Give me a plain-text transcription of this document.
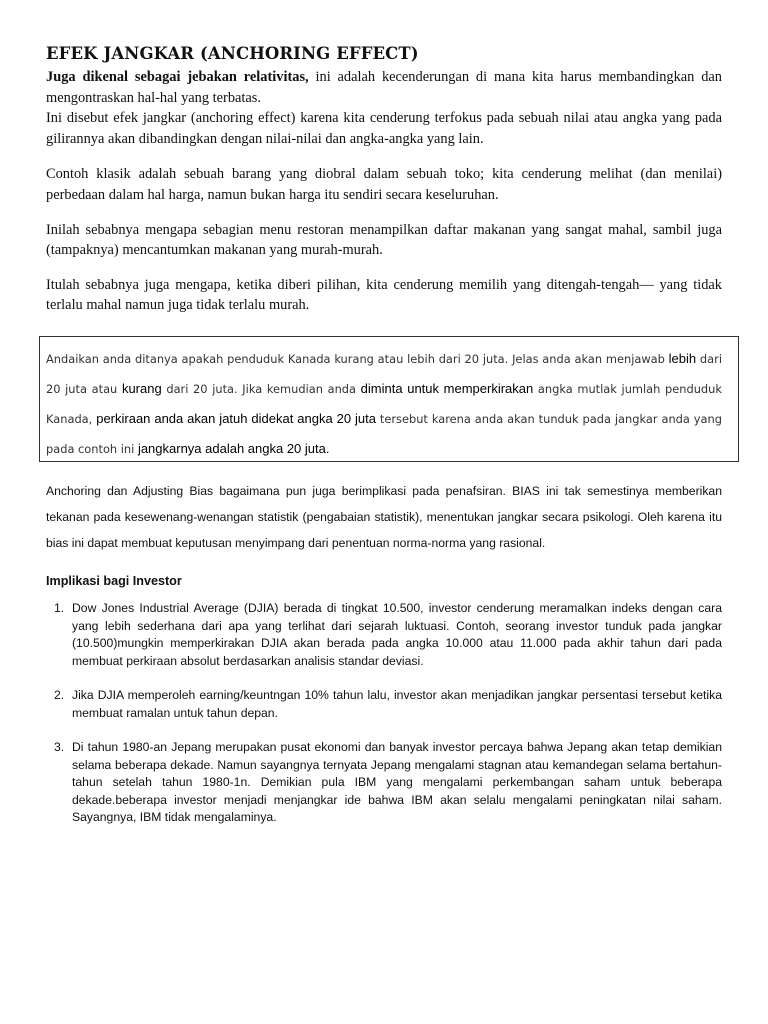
EFEK JANGKAR (ANCHORING EFFECT)

Juga dikenal sebagai jebakan relativitas, ini adalah kecenderungan di mana kita harus membandingkan dan mengontraskan hal-hal yang terbatas.
Ini disebut efek jangkar (anchoring effect) karena kita cenderung terfokus pada sebuah nilai atau angka yang pada gilirannya akan dibandingkan dengan nilai-nilai dan angka-angka yang lain.

Contoh klasik adalah sebuah barang yang diobral dalam sebuah toko; kita cenderung melihat (dan menilai) perbedaan dalam hal harga, namun bukan harga itu sendiri secara keseluruhan.

Inilah sebabnya mengapa sebagian menu restoran menampilkan daftar makanan yang sangat mahal, sambil juga (tampaknya) mencantumkan makanan yang murah-murah.

Itulah sebabnya juga mengapa, ketika diberi pilihan, kita cenderung memilih yang ditengah-tengah— yang tidak terlalu mahal namun juga tidak terlalu murah.

Andaikan anda ditanya apakah penduduk Kanada kurang atau lebih dari 20 juta. Jelas anda akan menjawab lebih dari 20 juta atau kurang dari 20 juta. Jika kemudian anda diminta untuk memperkirakan angka mutlak jumlah penduduk Kanada, perkiraan anda akan jatuh didekat angka 20 juta tersebut karena anda akan tunduk pada jangkar anda yang pada contoh ini jangkarnya adalah angka 20 juta.

Anchoring dan Adjusting Bias bagaimana pun juga berimplikasi pada penafsiran. BIAS ini tak semestinya memberikan tekanan pada kesewenang-wenangan statistik (pengabaian statistik), menentukan jangkar secara psikologi. Oleh karena itu bias ini dapat membuat keputusan menyimpang dari penentuan norma-norma yang rasional.

Implikasi bagi Investor
1. Dow Jones Industrial Average (DJIA) berada di tingkat 10.500, investor cenderung meramalkan indeks dengan cara yang lebih sederhana dari apa yang terlihat dari sejarah luktuasi. Contoh, seorang investor tunduk pada jangkar (10.500)mungkin memperkirakan DJIA akan berada pada angka 10.000 atau 11.000 pada akhir tahun dari pada membuat perkiraan absolut berdasarkan analisis standar deviasi.
2. Jika DJIA memperoleh earning/keuntngan 10% tahun lalu, investor akan menjadikan jangkar persentasi tersebut ketika membuat ramalan untuk tahun depan.
3. Di tahun 1980-an Jepang merupakan pusat ekonomi dan banyak investor percaya bahwa Jepang akan tetap demikian selama beberapa dekade. Namun sayangnya ternyata Jepang mengalami stagnan atau kemandegan selama bertahun-tahun setelah tahun 1980-1n. Demikian pula IBM yang mengalami perkembangan saham untuk beberapa dekade.beberapa investor menjadi menjangkar ide bahwa IBM akan selalu mengalami peningkatan nilai saham. Sayangnya, IBM tidak mengalaminya.
